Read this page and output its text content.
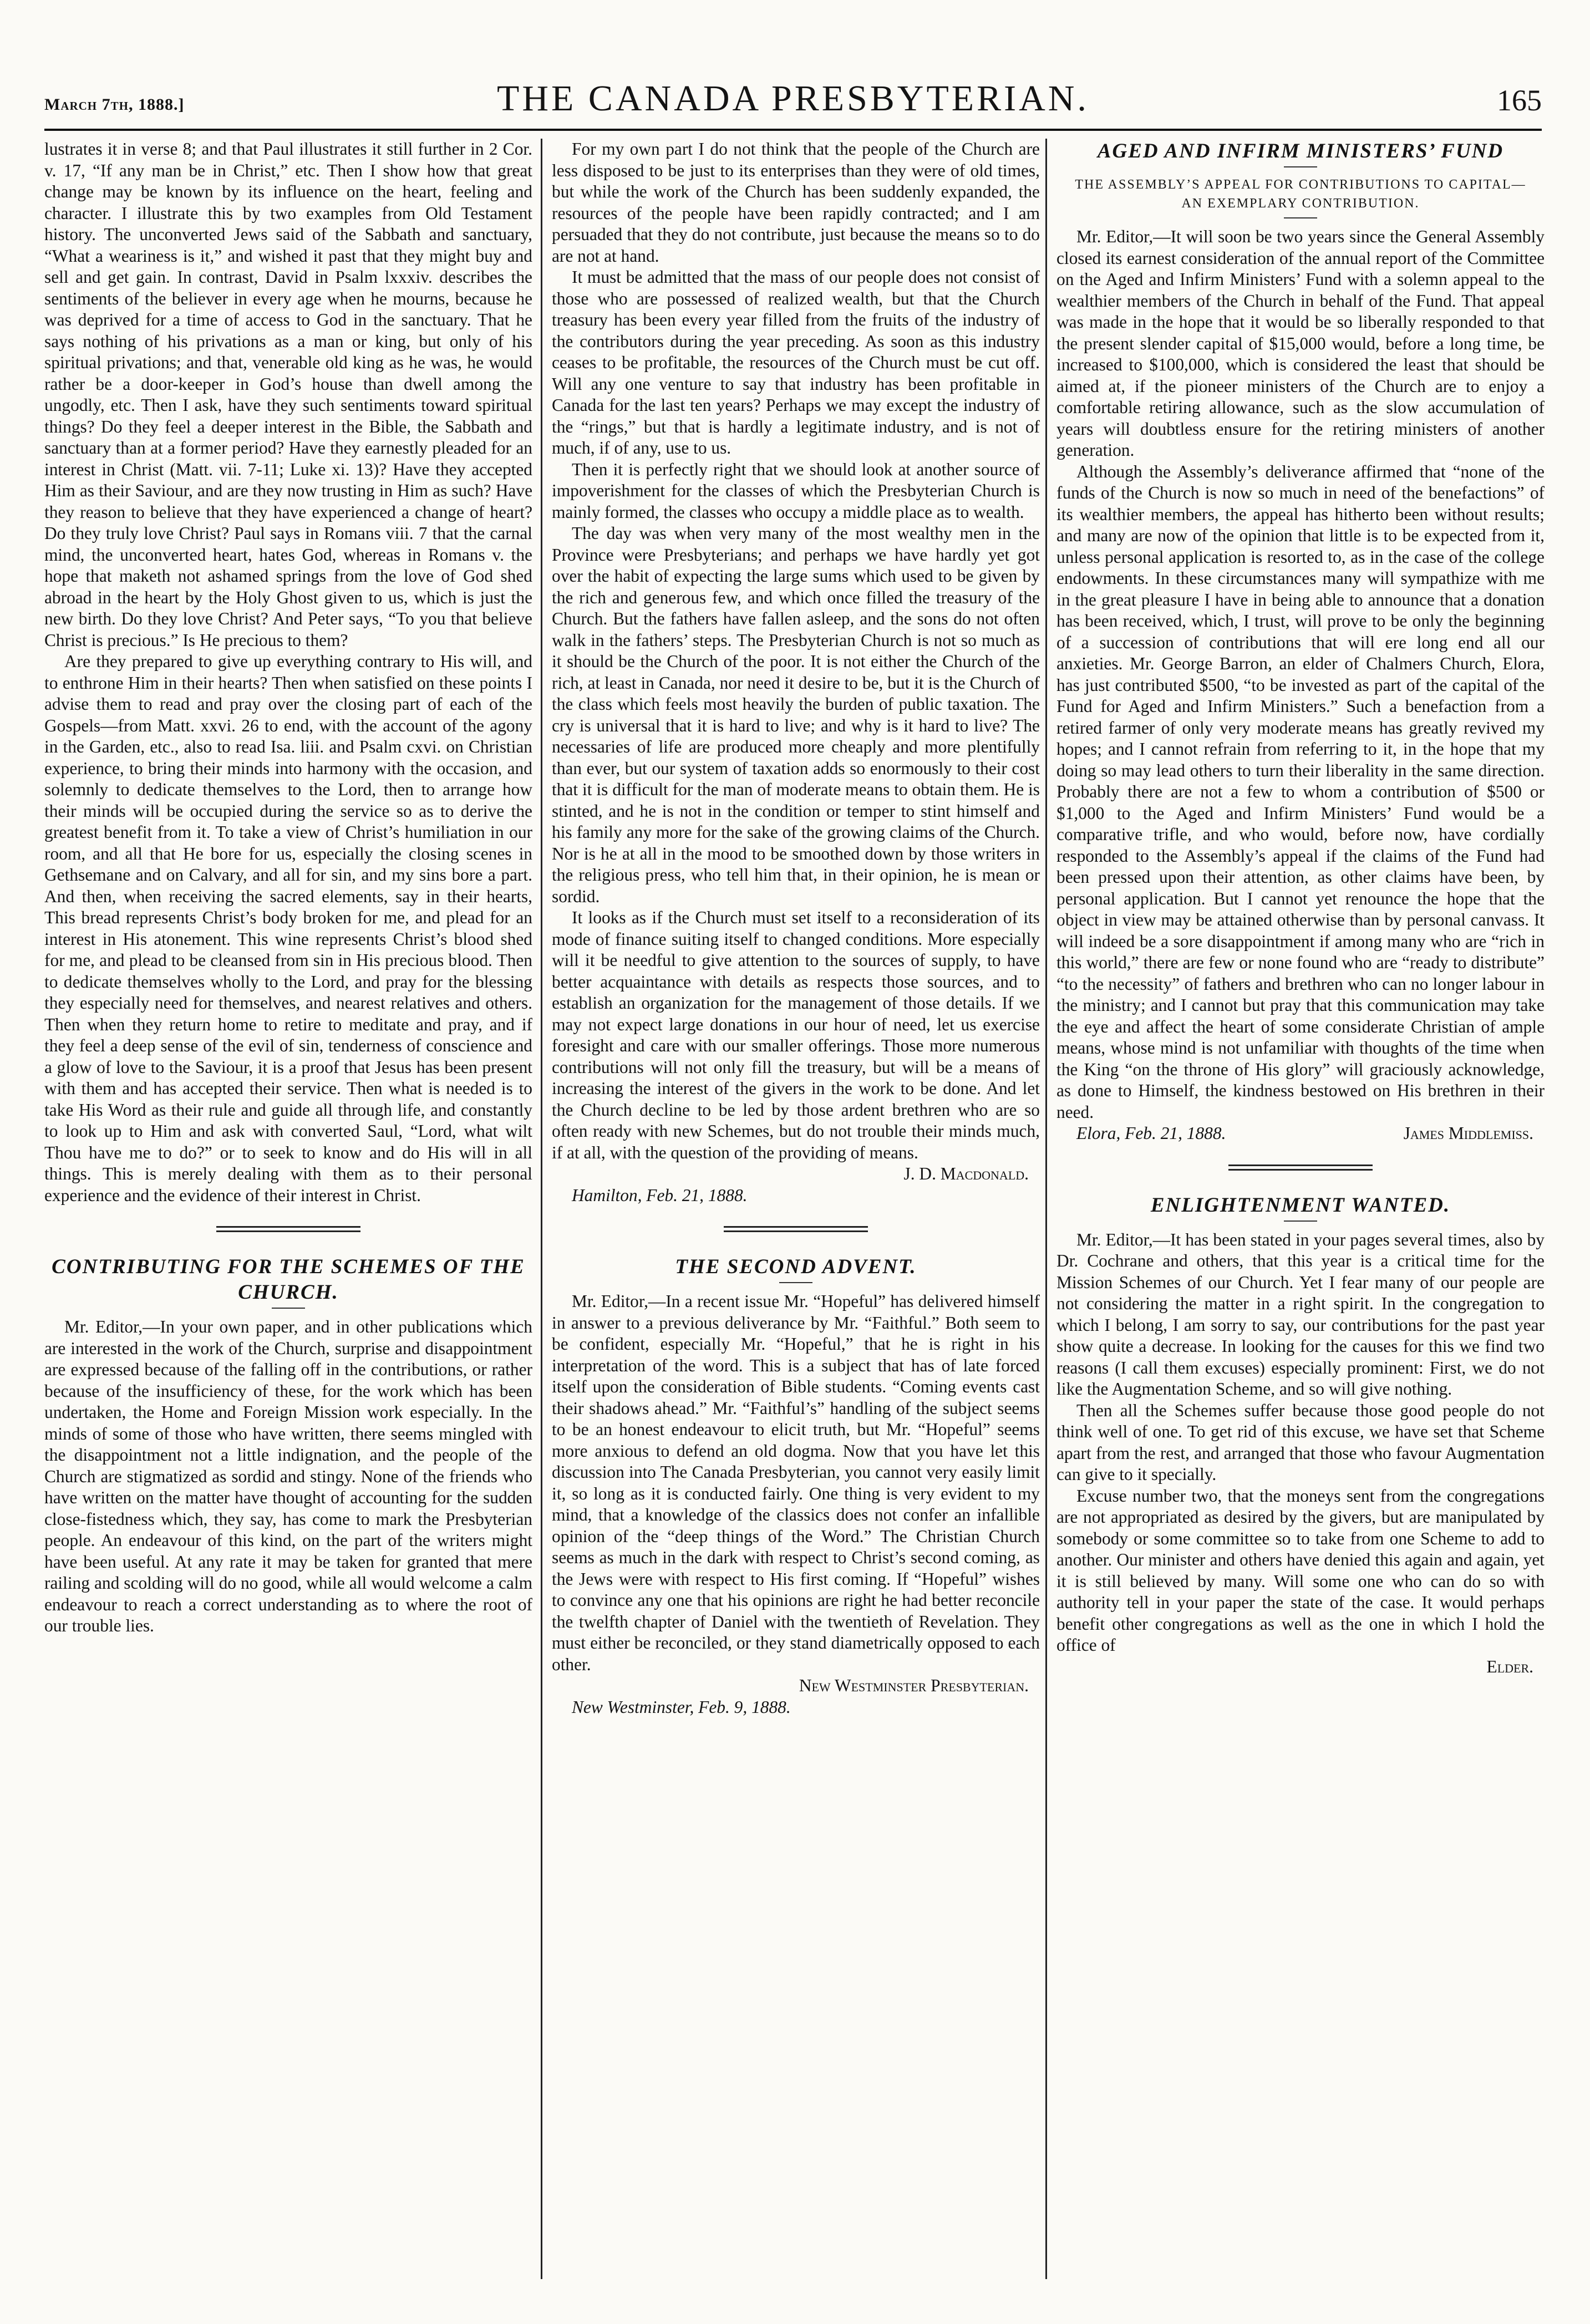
March 7th, 1888.]	THE CANADA PRESBYTERIAN.	165

lustrates it in verse 8; and that Paul illustrates it still further in 2 Cor. v. 17, “If any man be in Christ,” etc. Then I show how that great change may be known by its influence on the heart, feeling and character. I illustrate this by two examples from Old Testament history. The unconverted Jews said of the Sabbath and sanctuary, “What a weariness is it,” and wished it past that they might buy and sell and get gain. In contrast, David in Psalm lxxxiv. describes the sentiments of the believer in every age when he mourns, because he was deprived for a time of access to God in the sanctuary. That he says nothing of his privations as a man or king, but only of his spiritual privations; and that, venerable old king as he was, he would rather be a door-keeper in God’s house than dwell among the ungodly, etc. Then I ask, have they such sentiments toward spiritual things? Do they feel a deeper interest in the Bible, the Sabbath and sanctuary than at a former period? Have they earnestly pleaded for an interest in Christ (Matt. vii. 7-11; Luke xi. 13)? Have they accepted Him as their Saviour, and are they now trusting in Him as such? Have they reason to believe that they have experienced a change of heart? Do they truly love Christ? Paul says in Romans viii. 7 that the carnal mind, the unconverted heart, hates God, whereas in Romans v. the hope that maketh not ashamed springs from the love of God shed abroad in the heart by the Holy Ghost given to us, which is just the new birth. Do they love Christ? And Peter says, “To you that believe Christ is precious.” Is He precious to them?

Are they prepared to give up everything contrary to His will, and to enthrone Him in their hearts? Then when satisfied on these points I advise them to read and pray over the closing part of each of the Gospels—from Matt. xxvi. 26 to end, with the account of the agony in the Garden, etc., also to read Isa. liii. and Psalm cxvi. on Christian experience, to bring their minds into harmony with the occasion, and solemnly to dedicate themselves to the Lord, then to arrange how their minds will be occupied during the service so as to derive the greatest benefit from it. To take a view of Christ’s humiliation in our room, and all that He bore for us, especially the closing scenes in Gethsemane and on Calvary, and all for sin, and my sins bore a part. And then, when receiving the sacred elements, say in their hearts, This bread represents Christ’s body broken for me, and plead for an interest in His atonement. This wine represents Christ’s blood shed for me, and plead to be cleansed from sin in His precious blood. Then to dedicate themselves wholly to the Lord, and pray for the blessing they especially need for themselves, and nearest relatives and others. Then when they return home to retire to meditate and pray, and if they feel a deep sense of the evil of sin, tenderness of conscience and a glow of love to the Saviour, it is a proof that Jesus has been present with them and has accepted their service. Then what is needed is to take His Word as their rule and guide all through life, and constantly to look up to Him and ask with converted Saul, “Lord, what wilt Thou have me to do?” or to seek to know and do His will in all things. This is merely dealing with them as to their personal experience and the evidence of their interest in Christ.

CONTRIBUTING FOR THE SCHEMES OF THE CHURCH.

Mr. Editor,—In your own paper, and in other publications which are interested in the work of the Church, surprise and disappointment are expressed because of the falling off in the contributions, or rather because of the insufficiency of these, for the work which has been undertaken, the Home and Foreign Mission work especially. In the minds of some of those who have written, there seems mingled with the disappointment not a little indignation, and the people of the Church are stigmatized as sordid and stingy. None of the friends who have written on the matter have thought of accounting for the sudden close-fistedness which, they say, has come to mark the Presbyterian people. An endeavour of this kind, on the part of the writers might have been useful. At any rate it may be taken for granted that mere railing and scolding will do no good, while all would welcome a calm endeavour to reach a correct understanding as to where the root of our trouble lies.

For my own part I do not think that the people of the Church are less disposed to be just to its enterprises than they were of old times, but while the work of the Church has been suddenly expanded, the resources of the people have been rapidly contracted; and I am persuaded that they do not contribute, just because the means so to do are not at hand.

It must be admitted that the mass of our people does not consist of those who are possessed of realized wealth, but that the Church treasury has been every year filled from the fruits of the industry of the contributors during the year preceding. As soon as this industry ceases to be profitable, the resources of the Church must be cut off. Will any one venture to say that industry has been profitable in Canada for the last ten years? Perhaps we may except the industry of the “rings,” but that is hardly a legitimate industry, and is not of much, if of any, use to us.

Then it is perfectly right that we should look at another source of impoverishment for the classes of which the Presbyterian Church is mainly formed, the classes who occupy a middle place as to wealth.

The day was when very many of the most wealthy men in the Province were Presbyterians; and perhaps we have hardly yet got over the habit of expecting the large sums which used to be given by the rich and generous few, and which once filled the treasury of the Church. But the fathers have fallen asleep, and the sons do not often walk in the fathers’ steps. The Presbyterian Church is not so much as it should be the Church of the poor. It is not either the Church of the rich, at least in Canada, nor need it desire to be, but it is the Church of the class which feels most heavily the burden of public taxation. The cry is universal that it is hard to live; and why is it hard to live? The necessaries of life are produced more cheaply and more plentifully than ever, but our system of taxation adds so enormously to their cost that it is difficult for the man of moderate means to obtain them. He is stinted, and he is not in the condition or temper to stint himself and his family any more for the sake of the growing claims of the Church. Nor is he at all in the mood to be smoothed down by those writers in the religious press, who tell him that, in their opinion, he is mean or sordid.

It looks as if the Church must set itself to a reconsideration of its mode of finance suiting itself to changed conditions. More especially will it be needful to give attention to the sources of supply, to have better acquaintance with details as respects those sources, and to establish an organization for the management of those details. If we may not expect large donations in our hour of need, let us exercise foresight and care with our smaller offerings. Those more numerous contributions will not only fill the treasury, but will be a means of increasing the interest of the givers in the work to be done. And let the Church decline to be led by those ardent brethren who are so often ready with new Schemes, but do not trouble their minds much, if at all, with the question of the providing of means.

J. D. Macdonald.
Hamilton, Feb. 21, 1888.
THE SECOND ADVENT.

Mr. Editor,—In a recent issue Mr. “Hopeful” has delivered himself in answer to a previous deliverance by Mr. “Faithful.” Both seem to be confident, especially Mr. “Hopeful,” that he is right in his interpretation of the word. This is a subject that has of late forced itself upon the consideration of Bible students. “Coming events cast their shadows ahead.” Mr. “Faithful’s” handling of the subject seems to be an honest endeavour to elicit truth, but Mr. “Hopeful” seems more anxious to defend an old dogma. Now that you have let this discussion into The Canada Presbyterian, you cannot very easily limit it, so long as it is conducted fairly. One thing is very evident to my mind, that a knowledge of the classics does not confer an infallible opinion of the “deep things of the Word.” The Christian Church seems as much in the dark with respect to Christ’s second coming, as the Jews were with respect to His first coming. If “Hopeful” wishes to convince any one that his opinions are right he had better reconcile the twelfth chapter of Daniel with the twentieth of Revelation. They must either be reconciled, or they stand diametrically opposed to each other.

New Westminster Presbyterian.
New Westminster, Feb. 9, 1888.
AGED AND INFIRM MINISTERS’ FUND
THE ASSEMBLY’S APPEAL FOR CONTRIBUTIONS TO CAPITAL—AN EXEMPLARY CONTRIBUTION.

Mr. Editor,—It will soon be two years since the General Assembly closed its earnest consideration of the annual report of the Committee on the Aged and Infirm Ministers’ Fund with a solemn appeal to the wealthier members of the Church in behalf of the Fund. That appeal was made in the hope that it would be so liberally responded to that the present slender capital of $15,000 would, before a long time, be increased to $100,000, which is considered the least that should be aimed at, if the pioneer ministers of the Church are to enjoy a comfortable retiring allowance, such as the slow accumulation of years will doubtless ensure for the retiring ministers of another generation.

Although the Assembly’s deliverance affirmed that “none of the funds of the Church is now so much in need of the benefactions” of its wealthier members, the appeal has hitherto been without results; and many are now of the opinion that little is to be expected from it, unless personal application is resorted to, as in the case of the college endowments. In these circumstances many will sympathize with me in the great pleasure I have in being able to announce that a donation has been received, which, I trust, will prove to be only the beginning of a succession of contributions that will ere long end all our anxieties. Mr. George Barron, an elder of Chalmers Church, Elora, has just contributed $500, “to be invested as part of the capital of the Fund for Aged and Infirm Ministers.” Such a benefaction from a retired farmer of only very moderate means has greatly revived my hopes; and I cannot refrain from referring to it, in the hope that my doing so may lead others to turn their liberality in the same direction. Probably there are not a few to whom a contribution of $500 or $1,000 to the Aged and Infirm Ministers’ Fund would be a comparative trifle, and who would, before now, have cordially responded to the Assembly’s appeal if the claims of the Fund had been pressed upon their attention, as other claims have been, by personal application. But I cannot yet renounce the hope that the object in view may be attained otherwise than by personal canvass. It will indeed be a sore disappointment if among many who are “rich in this world,” there are few or none found who are “ready to distribute” “to the necessity” of fathers and brethren who can no longer labour in the ministry; and I cannot but pray that this communication may take the eye and affect the heart of some considerate Christian of ample means, whose mind is not unfamiliar with thoughts of the time when the King “on the throne of His glory” will graciously acknowledge, as done to Himself, the kindness bestowed on His brethren in their need.

Elora, Feb. 21, 1888.	James Middlemiss.
ENLIGHTENMENT WANTED.

Mr. Editor,—It has been stated in your pages several times, also by Dr. Cochrane and others, that this year is a critical time for the Mission Schemes of our Church. Yet I fear many of our people are not considering the matter in a right spirit. In the congregation to which I belong, I am sorry to say, our contributions for the past year show quite a decrease. In looking for the causes for this we find two reasons (I call them excuses) especially prominent: First, we do not like the Augmentation Scheme, and so will give nothing.

Then all the Schemes suffer because those good people do not think well of one. To get rid of this excuse, we have set that Scheme apart from the rest, and arranged that those who favour Augmentation can give to it specially.

Excuse number two, that the moneys sent from the congregations are not appropriated as desired by the givers, but are manipulated by somebody or some committee so to take from one Scheme to add to another. Our minister and others have denied this again and again, yet it is still believed by many. Will some one who can do so with authority tell in your paper the state of the case. It would perhaps benefit other congregations as well as the one in which I hold the office of

Elder.
